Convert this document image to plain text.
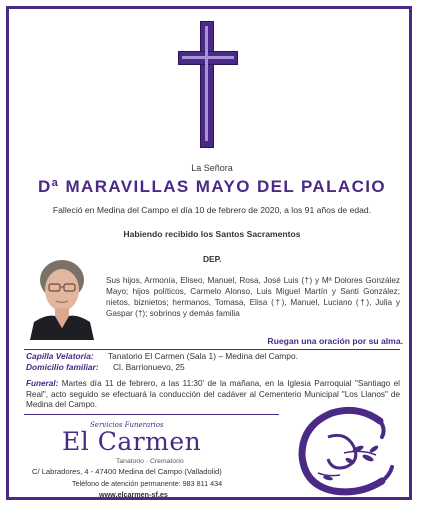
La Señora
Dª MARAVILLAS MAYO DEL PALACIO
Falleció en Medina del Campo el día 10 de febrero de 2020, a los 91 años de edad.
Habiendo recibido los Santos Sacramentos
DEP.
Sus hijos, Armonía, Eliseo, Manuel, Rosa, José Luis (†) y Mª Dolores González Mayo; hijos políticos, Carmelo Alonso, Luis Miguel Martín y Santi González; nietos, biznietos; hermanos, Tomasa, Elisa (†), Manuel, Luciano (†), Julia y Gaspar (†); sobrinos y demás familia
Ruegan una oración por su alma.
Capilla Velatoria: Tanatorio El Carmen (Sala 1) – Medina del Campo.
Domicilio familiar: Cl. Barrionuevo, 25
Funeral: Martes día 11 de febrero, a las 11:30' de la mañana, en la Iglesia Parroquial "Santiago el Real", acto seguido se efectuará la conducción del cadáver al Cementerio Municipal "Los Llanos" de Medina del Campo.
Servicios Funerarios
El Carmen
Tanatorio · Crematorio
C/ Labradores, 4 - 47400 Medina del Campo (Valladolid)
Teléfono de atención permanente: 983 811 434
www.elcarmen-sf.es
